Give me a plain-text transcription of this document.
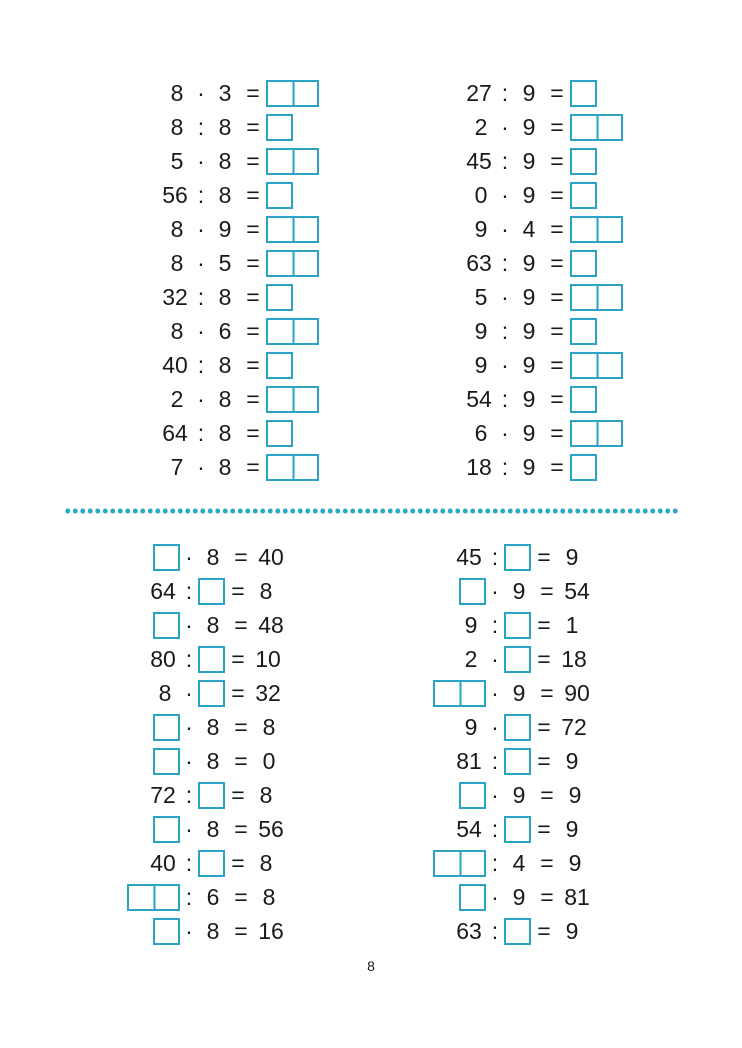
8 · 3 =
8 : 8 =
5 · 8 =
56 : 8 =
8 · 9 =
8 · 5 =
32 : 8 =
8 · 6 =
40 : 8 =
2 · 8 =
64 : 8 =
7 · 8 =
27 : 9 =
2 · 9 =
45 : 9 =
0 · 9 =
9 · 4 =
63 : 9 =
5 · 9 =
9 : 9 =
9 · 9 =
54 : 9 =
6 · 9 =
18 : 9 =
· 8 = 40
64 : = 8
· 8 = 48
80 : = 10
8 · = 32
· 8 = 8
· 8 = 0
72 : = 8
· 8 = 56
40 : = 8
: 6 = 8
· 8 = 16
45 : = 9
· 9 = 54
9 : = 1
2 · = 18
· 9 = 90
9 · = 72
81 : = 9
· 9 = 9
54 : = 9
: 4 = 9
· 9 = 81
63 : = 9
8
